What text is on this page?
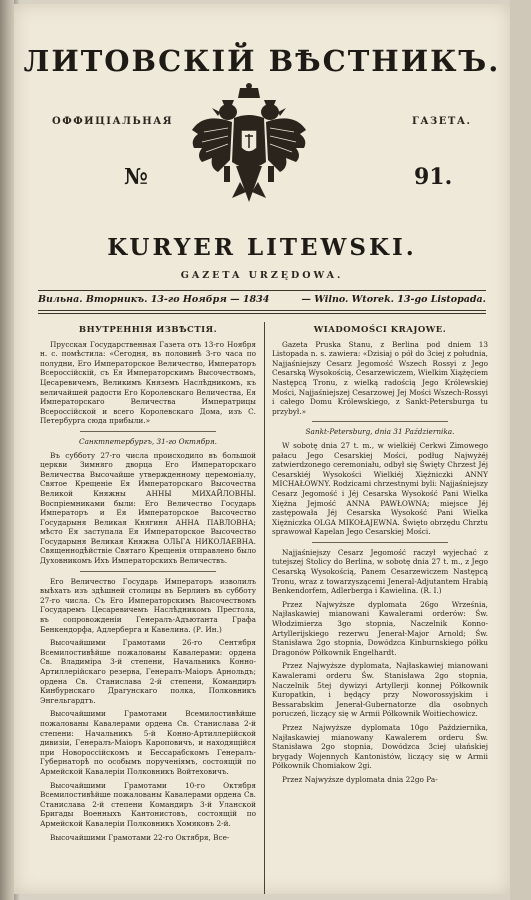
ЛИТОВСКІЙ ВѢСТНИКЪ.
ОФФИЦІАЛЬНАЯ	ГАЗЕТА.
№	91.
KURYER LITEWSKI.
GAZETA URZĘDOWA.
Вильна. Вторникъ. 13-го Ноября — 1834	— Wilno. Wtorek. 13-go Listopada.
ВНУТРЕННІЯ ИЗВѢСТІЯ.

Прусская Государственная Газета отъ 13-го Ноября н. с. помѣстила: «Сегодня, въ половинѣ 3-го часа по полудни, Его Императорское Величество, Императоръ Всероссійскій, съ Ея Императорскимъ Высочествомъ, Цесаревичемъ, Великимъ Княземъ Наслѣдникомъ, къ величайшей радости Его Королевскаго Величества, Ея Императорскаго Величества Императрицы Всероссійской и всего Королевскаго Дома, изъ С. Петербурга сюда прибыли.»

Санктпетербургъ, 31-го Октября.

Въ субботу 27-го числа происходило въ большой церкви Зимняго дворца Его Императорскаго Величества Высочайше утвержденному церемоніалу, Святое Крещеніе Ея Императорскаго Высочества Великой Княжны АННЫ МИХАЙЛОВНЫ. Воспріемниками были: Его Величество Государь Императоръ и Ея Императорское Высочество Государыня Великая Княгиня АННА ПАВЛОВНА; мѣсто Ея заступала Ея Императорское Высочество Государыня Великая Княжна ОЛЬГА НИКОЛАЕВНА. Священнодѣйствіе Святаго Крещенія отправлено было Духовникомъ Ихъ Императорскихъ Величествъ.

Его Величество Государь Императоръ изволилъ выѣхать изъ здѣшней столицы въ Берлинъ въ субботу 27-го числа. Съ Его Императорскимъ Высочествомъ Государемъ Цесаревичемъ Наслѣдникомъ Престола, въ сопровожденіи Генералъ-Адъютанта Графа Бенкендорфа, Адлерберга и Кавелина. (Р. Ин.)

Высочайшими Грамотами 26-го Сентября Всемилостивѣйше пожалованы Кавалерами: ордена Св. Владиміра 3-й степени, Начальникъ Конно-Артиллерійскаго резерва, Генералъ-Маіоръ Арнольдъ; ордена Св. Станислава 2-й степени, Командиръ Кинбурнскаго Драгунскаго полка, Полковникъ Энгельгардтъ.

Высочайшими Грамотами Всемилостивѣйше пожалованы Кавалерами ордена Св. Станислава 2-й степени: Начальникъ 5-й Конно-Артиллерійской дивизіи, Генералъ-Маіоръ Кароповичъ, и находящійся при Новороссійскомъ и Бессарабскомъ Генералъ-Губернаторѣ по особымъ порученіямъ, состоящій по Армейской Кавалеріи Полковникъ Войтеховичъ.

Высочайшими Грамотами 10-го Октября Всемилостивѣйше пожалованы Кавалерами ордена Св. Станислава 2-й степени Командиръ 3-й Уланской Бригады Военныхъ Кантонистовъ, состоящій по Армейской Кавалеріи Полковникъ Хомяковъ 2-й.

Высочайшими Грамотами 22-го Октября, Все-

WIADOMOŚCI KRAJOWE.

Gazeta Pruska Stanu, z Berlina pod dniem 13 Listopada n. s. zawiera: «Dzisiaj o pół do 3ciej z południa, Najjaśniejszy Cesarz Jegomość Wszech Rossyi z Jego Cesarską Wysokością, Cesarzewiczem, Wielkim Xiążęciem Następcą Tronu, z wielką radością Jego Królewskiej Mości, Najjaśniejszej Cesarzowej Jej Mości Wszech-Rossyi i całego Domu Królewskiego, z Sankt-Petersburga tu przybył.»

Sankt-Petersburg, dnia 31 Października.

W sobotę dnia 27 t. m., w wielkiéj Cerkwi Zimowego pałacu Jego Cesarskiej Mości, podług Najwyżéj zatwierdzonego ceremoniału, odbył się Święty Chrzest Jéj Cesarskiéj Wysokości Wielkiéj Xiężniczki ANNY MICHAŁOWNY. Rodzicami chrzestnymi byli: Najjaśniejszy Cesarz Jegomość i Jéj Cesarska Wysokość Pani Wielka Xiężna Jejmość ANNA PAWŁOWNA; miejsce Jéj zastępowała Jéj Cesarska Wysokość Pani Wielka Xiężniczka OLGA MIKOŁAJEWNA. Święto obrzędu Chrztu sprawował Kapelan Jego Cesarskiej Mości.

Najjaśniejszy Cesarz Jegomość raczył wyjechać z tutejszej Stolicy do Berlina, w sobotę dnia 27 t. m., z Jego Cesarską Wysokością, Panem Cesarzewiczem Następcą Tronu, wraz z towarzyszącemi Jeneral-Adjutantem Hrabią Benkendorfem, Adlerberga i Kawielina. (R. I.)

Przez Najwyższe dyplomata 26go Września, Najłaskawiej mianowani Kawalerami orderów: Św. Włodzimierza 3go stopnia, Naczelnik Konno-Artyllerijskiego rezerwu Jenerał-Major Arnold; Św. Stanisława 2go stopnia, Dowódzca Kinburnskiego półku Dragonów Półkownik Engelhardt.

Przez Najwyższe dyplomata, Najłaskawiej mianowani Kawalerami orderu Św. Stanisława 2go stopnia, Naczelnik 5tej dywizyi Artyllerji konnej Półkownik Kuropatkin, i będący przy Noworossyjskim i Bessarabskim Jenerał-Gubernatorze dla osobnych poruczeń, liczący się w Armii Półkownik Woitiechowicz.

Przez Najwyższe dyplomata 10go Października, Najłaskawiej mianowany Kawalerem orderu Św. Stanisława 2go stopnia, Dowódzca 3ciej ułańskiej brygady Wojennych Kantonistów, liczący się w Armii Półkownik Chomiakow 2gi.

Przez Najwyższe dyplomata dnia 22go Pa-
